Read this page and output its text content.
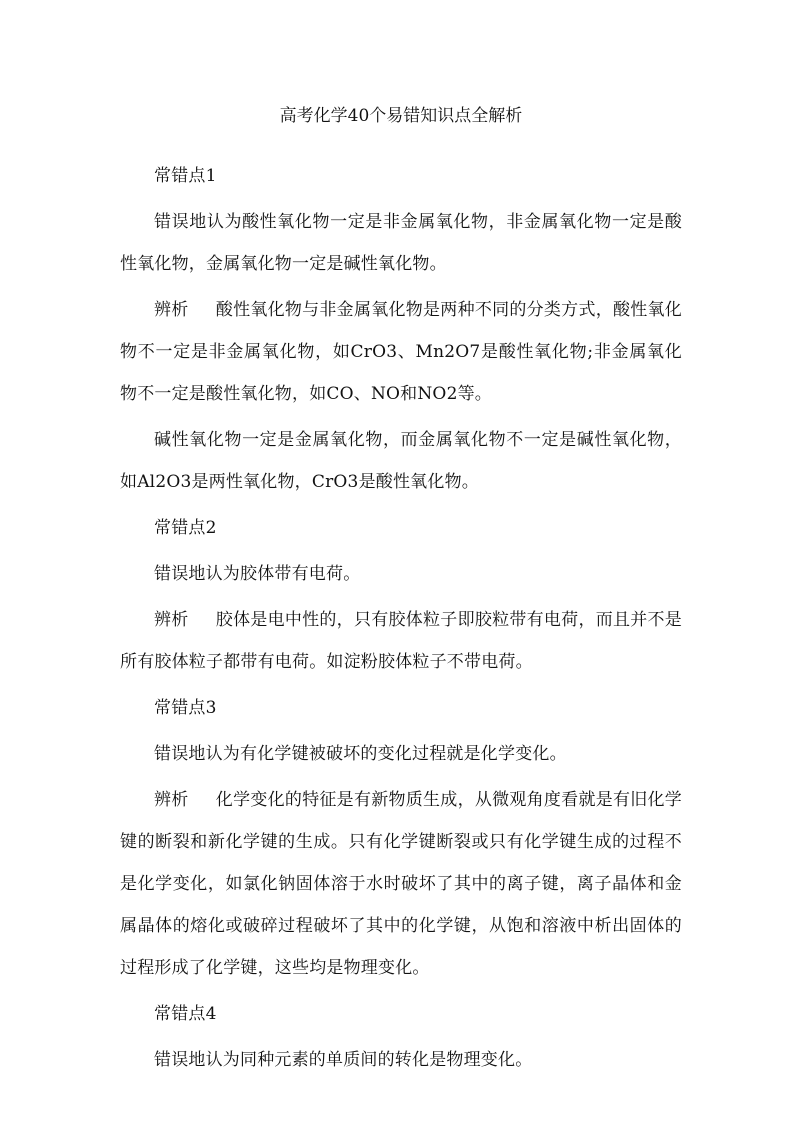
高考化学40个易错知识点全解析

常错点1

错误地认为酸性氧化物一定是非金属氧化物，非金属氧化物一定是酸性氧化物，金属氧化物一定是碱性氧化物。

辨析 酸性氧化物与非金属氧化物是两种不同的分类方式，酸性氧化物不一定是非金属氧化物，如CrO3、Mn2O7是酸性氧化物;非金属氧化物不一定是酸性氧化物，如CO、NO和NO2等。

碱性氧化物一定是金属氧化物，而金属氧化物不一定是碱性氧化物，如Al2O3是两性氧化物，CrO3是酸性氧化物。

常错点2

错误地认为胶体带有电荷。

辨析 胶体是电中性的，只有胶体粒子即胶粒带有电荷，而且并不是所有胶体粒子都带有电荷。如淀粉胶体粒子不带电荷。

常错点3

错误地认为有化学键被破坏的变化过程就是化学变化。

辨析 化学变化的特征是有新物质生成，从微观角度看就是有旧化学键的断裂和新化学键的生成。只有化学键断裂或只有化学键生成的过程不是化学变化，如氯化钠固体溶于水时破坏了其中的离子键，离子晶体和金属晶体的熔化或破碎过程破坏了其中的化学键，从饱和溶液中析出固体的过程形成了化学键，这些均是物理变化。

常错点4

错误地认为同种元素的单质间的转化是物理变化。
